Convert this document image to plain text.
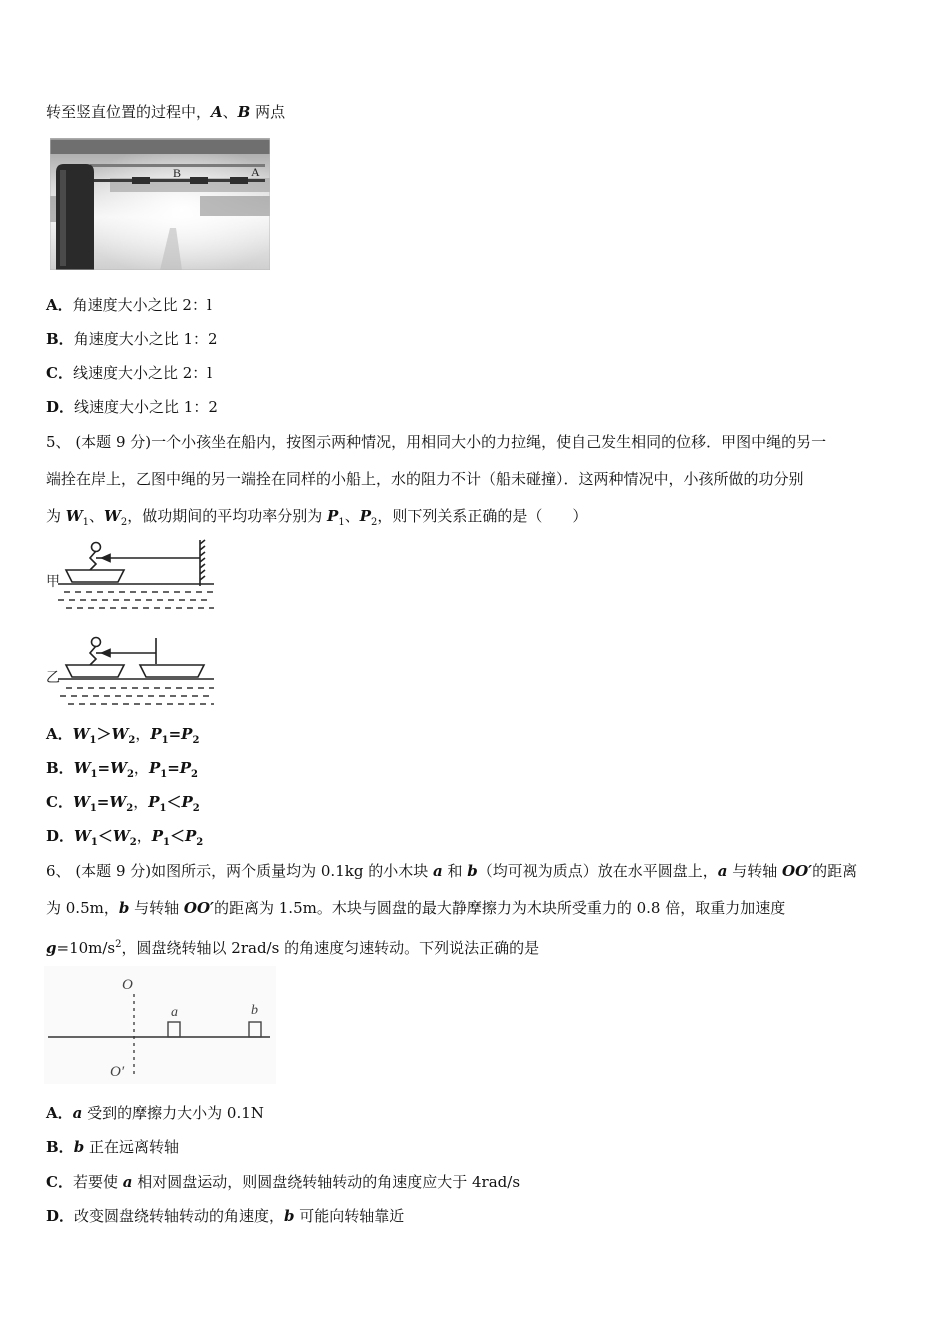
转至竖直位置的过程中，A、B 两点
B	A
A．角速度大小之比 2：l
B．角速度大小之比 1：2
C．线速度大小之比 2：l
D．线速度大小之比 1：2
5、 (本题 9 分)一个小孩坐在船内，按图示两种情况，用相同大小的力拉绳，使自己发生相同的位移．甲图中绳的另一
端拴在岸上，乙图中绳的另一端拴在同样的小船上，水的阻力不计（船未碰撞）．这两种情况中，小孩所做的功分别
为 $W_1$、$W_2$，做功期间的平均功率分别为 $P_1$、$P_2$，则下列关系正确的是（　　）
甲
乙
A．$W_1>W_2$，$P_1=P_2$
B．$W_1=W_2$，$P_1=P_2$
C．$W_1=W_2$，$P_1<P_2$
D．$W_1<W_2$，$P_1<P_2$
6、 (本题 9 分)如图所示，两个质量均为 0.1kg 的小木块 a 和 b（均可视为质点）放在水平圆盘上，a 与转轴 OO′的距离
为 0.5m，b 与转轴 OO′的距离为 1.5m。木块与圆盘的最大静摩擦力为木块所受重力的 0.8 倍，取重力加速度
$g=10m/s^2$，圆盘绕转轴以 2rad/s 的角速度匀速转动。下列说法正确的是
O
O′
a	b
A．a 受到的摩擦力大小为 0.1N
B．b 正在远离转轴
C．若要使 a 相对圆盘运动，则圆盘绕转轴转动的角速度应大于 4rad/s
D．改变圆盘绕转轴转动的角速度，b 可能向转轴靠近
